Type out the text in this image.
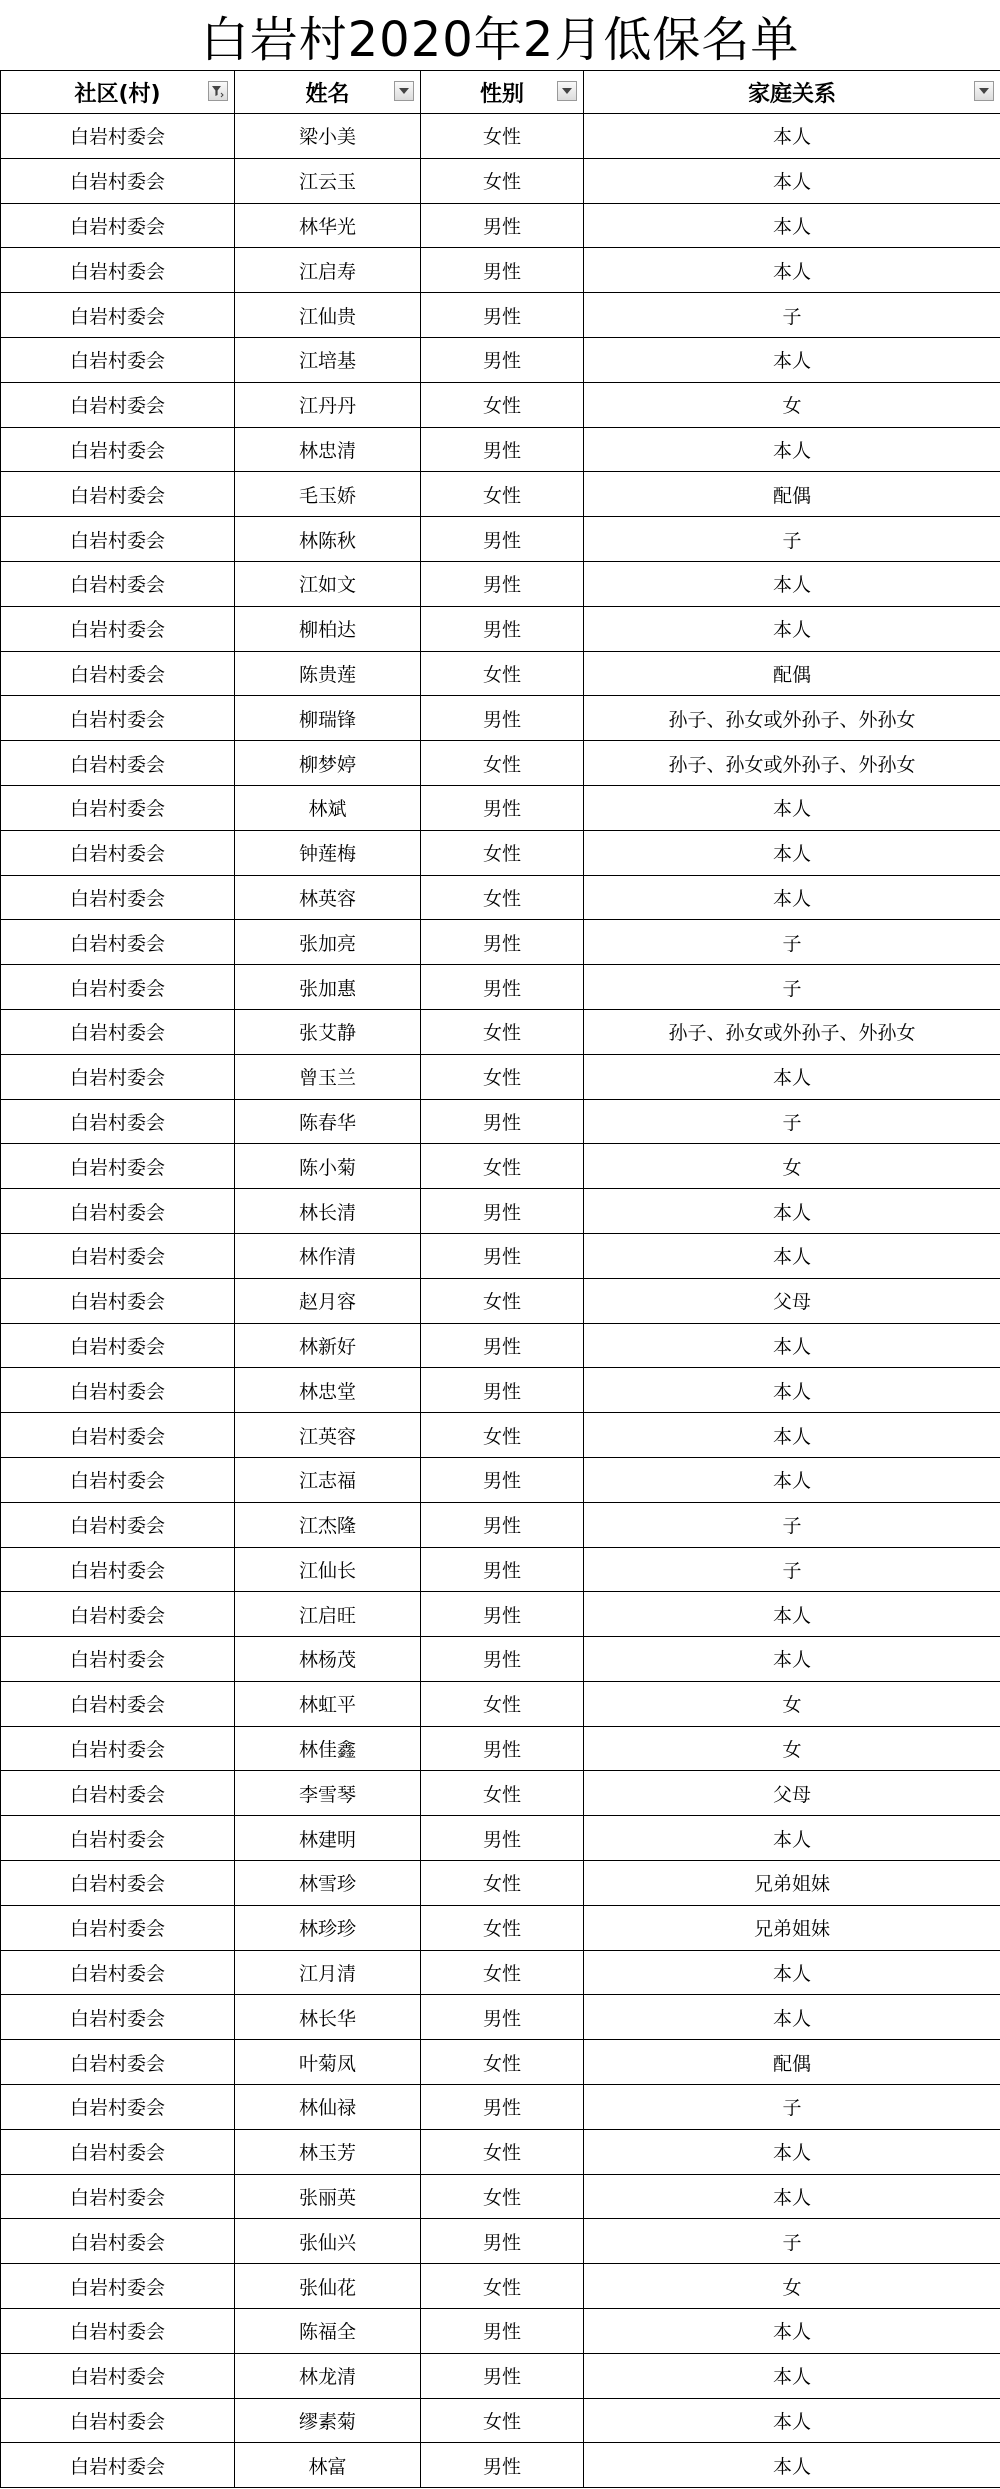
白岩村2020年2月低保名单
社区(村)	姓名	性别	家庭关系

白岩村委会	梁小美	女性	本人
白岩村委会	江云玉	女性	本人
白岩村委会	林华光	男性	本人
白岩村委会	江启寿	男性	本人
白岩村委会	江仙贵	男性	子
白岩村委会	江培基	男性	本人
白岩村委会	江丹丹	女性	女
白岩村委会	林忠清	男性	本人
白岩村委会	毛玉娇	女性	配偶
白岩村委会	林陈秋	男性	子
白岩村委会	江如文	男性	本人
白岩村委会	柳柏达	男性	本人
白岩村委会	陈贵莲	女性	配偶
白岩村委会	柳瑞锋	男性	孙子、孙女或外孙子、外孙女
白岩村委会	柳梦婷	女性	孙子、孙女或外孙子、外孙女
白岩村委会	林斌	男性	本人
白岩村委会	钟莲梅	女性	本人
白岩村委会	林英容	女性	本人
白岩村委会	张加亮	男性	子
白岩村委会	张加惠	男性	子
白岩村委会	张艾静	女性	孙子、孙女或外孙子、外孙女
白岩村委会	曾玉兰	女性	本人
白岩村委会	陈春华	男性	子
白岩村委会	陈小菊	女性	女
白岩村委会	林长清	男性	本人
白岩村委会	林作清	男性	本人
白岩村委会	赵月容	女性	父母
白岩村委会	林新好	男性	本人
白岩村委会	林忠堂	男性	本人
白岩村委会	江英容	女性	本人
白岩村委会	江志福	男性	本人
白岩村委会	江杰隆	男性	子
白岩村委会	江仙长	男性	子
白岩村委会	江启旺	男性	本人
白岩村委会	林杨茂	男性	本人
白岩村委会	林虹平	女性	女
白岩村委会	林佳鑫	男性	女
白岩村委会	李雪琴	女性	父母
白岩村委会	林建明	男性	本人
白岩村委会	林雪珍	女性	兄弟姐妹
白岩村委会	林珍珍	女性	兄弟姐妹
白岩村委会	江月清	女性	本人
白岩村委会	林长华	男性	本人
白岩村委会	叶菊凤	女性	配偶
白岩村委会	林仙禄	男性	子
白岩村委会	林玉芳	女性	本人
白岩村委会	张丽英	女性	本人
白岩村委会	张仙兴	男性	子
白岩村委会	张仙花	女性	女
白岩村委会	陈福全	男性	本人
白岩村委会	林龙清	男性	本人
白岩村委会	缪素菊	女性	本人
白岩村委会	林富	男性	本人
